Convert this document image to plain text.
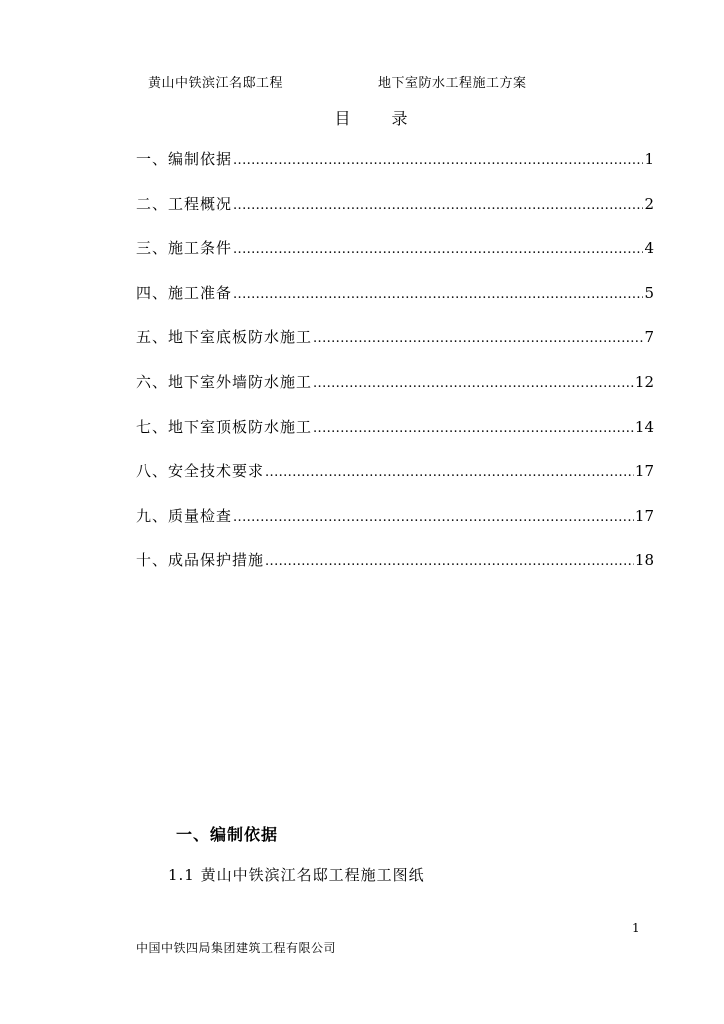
黄山中铁滨江名邸工程	地下室防水工程施工方案
目 录
一、编制依据 .....	1
二、工程概况 .....	2
三、施工条件 .....	4
四、施工准备 .....	5
五、地下室底板防水施工 .....	7
六、地下室外墙防水施工 .....	12
七、地下室顶板防水施工 .....	14
八、安全技术要求 .....	17
九、质量检查 .....	17
十、成品保护措施 .....	18
一、编制依据
1.1 黄山中铁滨江名邸工程施工图纸
1
中国中铁四局集团建筑工程有限公司
